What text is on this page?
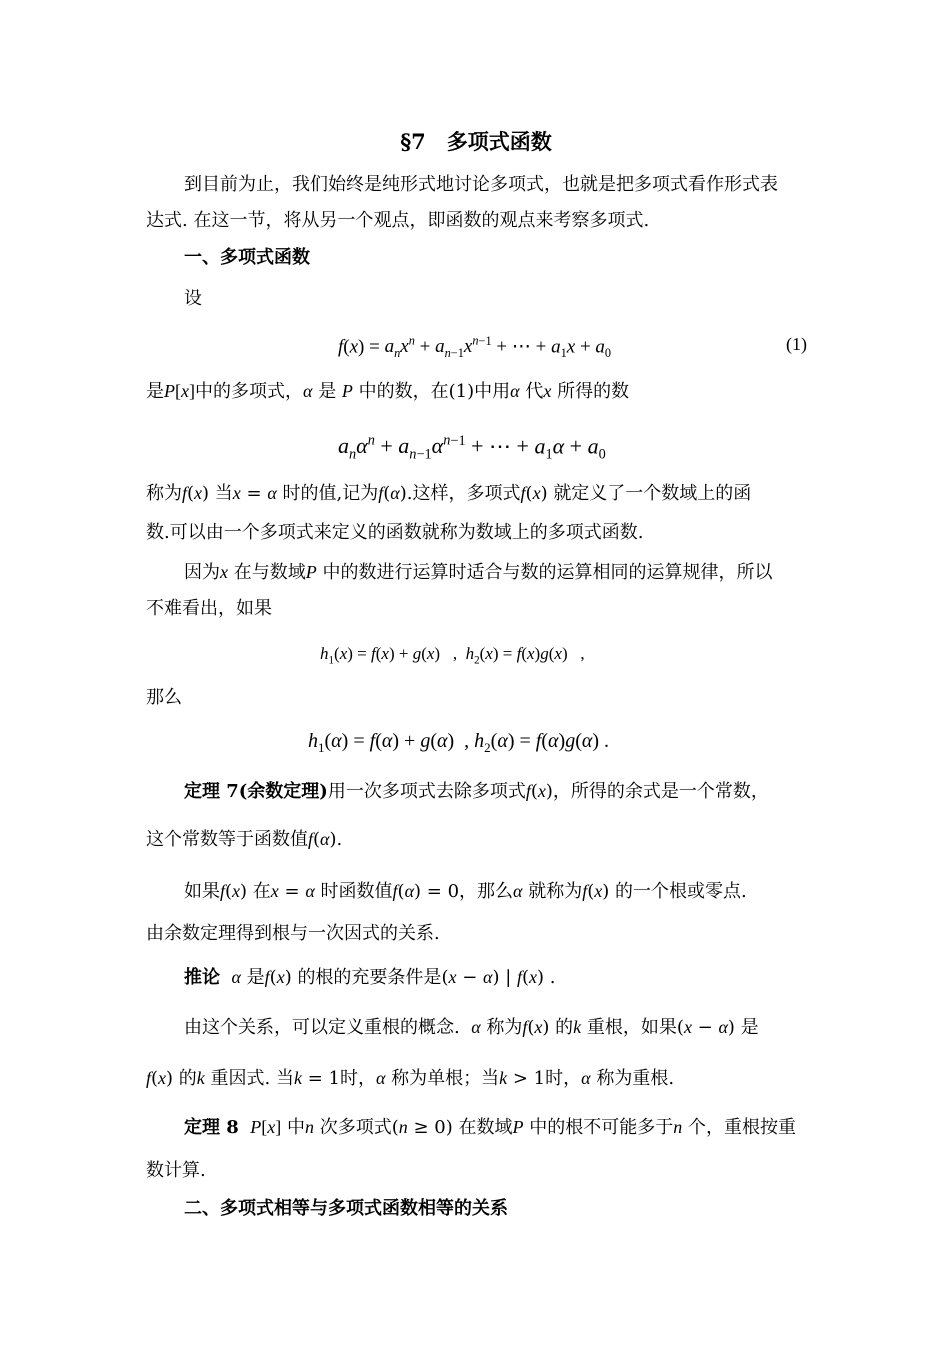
§7　多项式函数
到目前为止，我们始终是纯形式地讨论多项式，也就是把多项式看作形式表
达式. 在这一节，将从另一个观点，即函数的观点来考察多项式.
一、多项式函数
设
$f(x) = a_nx^n + a_{n-1}x^{n-1}$ + ⋯ + $a_1x + a_0$	(1)
是P[x]中的多项式，α 是 P 中的数，在(1)中用α 代x 所得的数
$a_n\alpha^n + a_{n-1}\alpha^{n-1}$ + ⋯ + $a_1\alpha + a_0$
称为f(x) 当x = α 时的值,记为f(α).这样，多项式f(x) 就定义了一个数域上的函
数.可以由一个多项式来定义的函数就称为数域上的多项式函数.
因为x 在与数域P 中的数进行运算时适合与数的运算相同的运算规律，所以
不难看出，如果
$h_1(x) = f(x) + g(x)$   ,  $h_2(x) = f(x)g(x)$   ,
那么
$h_1(\alpha) = f(\alpha) + g(\alpha)$  , $h_2(\alpha) = f(\alpha)g(\alpha)$ .
定理 7(余数定理)用一次多项式去除多项式f(x)，所得的余式是一个常数，
这个常数等于函数值f(α).
如果f(x) 在x = α 时函数值f(α) = 0，那么α 就称为f(x) 的一个根或零点.
由余数定理得到根与一次因式的关系.
推论 α 是f(x) 的根的充要条件是(x − α) | f(x) .
由这个关系，可以定义重根的概念. α 称为f(x) 的k 重根，如果(x − α) 是
f(x) 的k 重因式. 当k = 1时，α 称为单根；当k > 1时，α 称为重根.
定理 8 P[x] 中n 次多项式(n ≥ 0) 在数域P 中的根不可能多于n 个，重根按重
数计算.
二、多项式相等与多项式函数相等的关系
